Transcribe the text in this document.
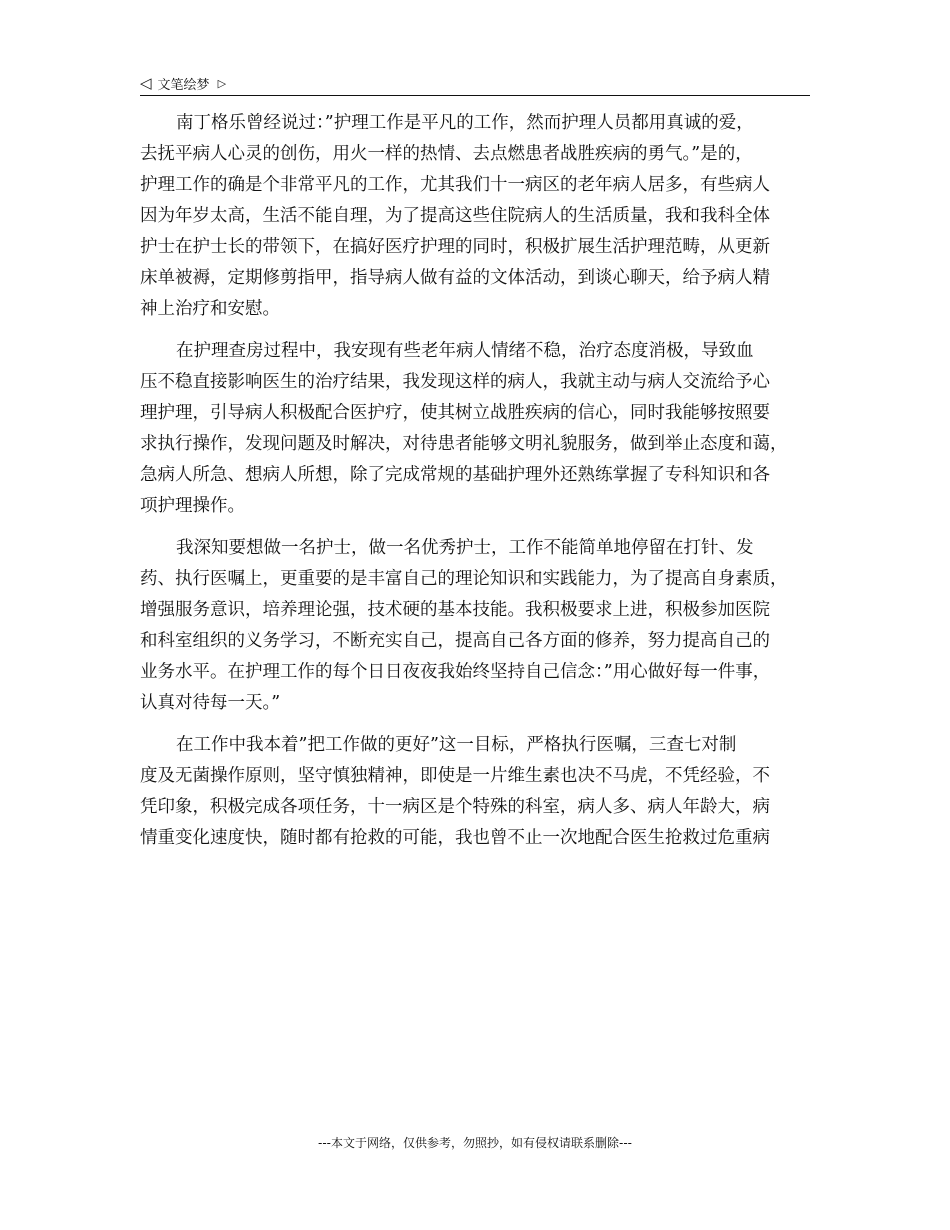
◁ 文笔绘梦 ▷
南丁格乐曾经说过：”护理工作是平凡的工作，然而护理人员都用真诚的爱，
去抚平病人心灵的创伤，用火一样的热情、去点燃患者战胜疾病的勇气。”是的，
护理工作的确是个非常平凡的工作，尤其我们十一病区的老年病人居多，有些病人
因为年岁太高，生活不能自理，为了提高这些住院病人的生活质量，我和我科全体
护士在护士长的带领下，在搞好医疗护理的同时，积极扩展生活护理范畴，从更新
床单被褥，定期修剪指甲，指导病人做有益的文体活动，到谈心聊天，给予病人精
神上治疗和安慰。
在护理查房过程中，我安现有些老年病人情绪不稳，治疗态度消极，导致血
压不稳直接影响医生的治疗结果，我发现这样的病人，我就主动与病人交流给予心
理护理，引导病人积极配合医护疗，使其树立战胜疾病的信心，同时我能够按照要
求执行操作，发现问题及时解决，对待患者能够文明礼貌服务，做到举止态度和蔼，
急病人所急、想病人所想，除了完成常规的基础护理外还熟练掌握了专科知识和各
项护理操作。
我深知要想做一名护士，做一名优秀护士，工作不能简单地停留在打针、发
药、执行医嘱上，更重要的是丰富自己的理论知识和实践能力，为了提高自身素质，
增强服务意识，培养理论强，技术硬的基本技能。我积极要求上进，积极参加医院
和科室组织的义务学习，不断充实自己，提高自己各方面的修养，努力提高自己的
业务水平。在护理工作的每个日日夜夜我始终坚持自己信念：”用心做好每一件事，
认真对待每一天。”
在工作中我本着”把工作做的更好”这一目标，严格执行医嘱，三查七对制
度及无菌操作原则，坚守慎独精神，即使是一片维生素也决不马虎，不凭经验，不
凭印象，积极完成各项任务，十一病区是个特殊的科室，病人多、病人年龄大，病
情重变化速度快，随时都有抢救的可能，我也曾不止一次地配合医生抢救过危重病
---本文于网络，仅供参考，勿照抄，如有侵权请联系删除---
